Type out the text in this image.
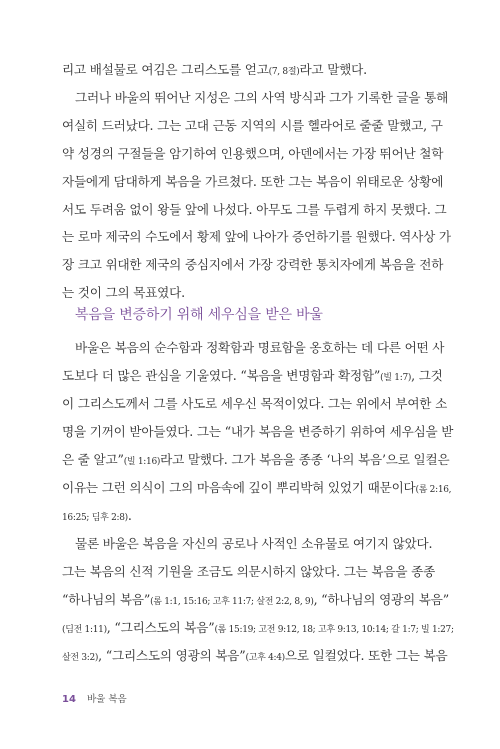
리고 배설물로 여김은 그리스도를 얻고(7, 8절)라고 말했다.
그러나 바울의 뛰어난 지성은 그의 사역 방식과 그가 기록한 글을 통해
여실히 드러났다. 그는 고대 근동 지역의 시를 헬라어로 줄줄 말했고, 구
약 성경의 구절들을 암기하여 인용했으며, 아덴에서는 가장 뛰어난 철학
자들에게 담대하게 복음을 가르쳤다. 또한 그는 복음이 위태로운 상황에
서도 두려움 없이 왕들 앞에 나섰다. 아무도 그를 두렵게 하지 못했다. 그
는 로마 제국의 수도에서 황제 앞에 나아가 증언하기를 원했다. 역사상 가
장 크고 위대한 제국의 중심지에서 가장 강력한 통치자에게 복음을 전하
는 것이 그의 목표였다.
바울은 복음의 순수함과 정확함과 명료함을 옹호하는 데 다른 어떤 사
도보다 더 많은 관심을 기울였다. “복음을 변명함과 확정함”(빌 1:7), 그것
이 그리스도께서 그를 사도로 세우신 목적이었다. 그는 위에서 부여한 소
명을 기꺼이 받아들였다. 그는 “내가 복음을 변증하기 위하여 세우심을 받
은 줄 알고”(빌 1:16)라고 말했다. 그가 복음을 종종 ‘나의 복음’으로 일컬은
이유는 그런 의식이 그의 마음속에 깊이 뿌리박혀 있었기 때문이다(롬 2:16,
16:25; 딤후 2:8).
물론 바울은 복음을 자신의 공로나 사적인 소유물로 여기지 않았다.
그는 복음의 신적 기원을 조금도 의문시하지 않았다. 그는 복음을 종종
“하나님의 복음”(롬 1:1, 15:16; 고후 11:7; 살전 2:2, 8, 9), “하나님의 영광의 복음”
(딤전 1:11), “그리스도의 복음”(롬 15:19; 고전 9:12, 18; 고후 9:13, 10:14; 갈 1:7; 빌 1:27;
살전 3:2), “그리스도의 영광의 복음”(고후 4:4)으로 일컬었다. 또한 그는 복음
복음을 변증하기 위해 세우심을 받은 바울
14 바울 복음
